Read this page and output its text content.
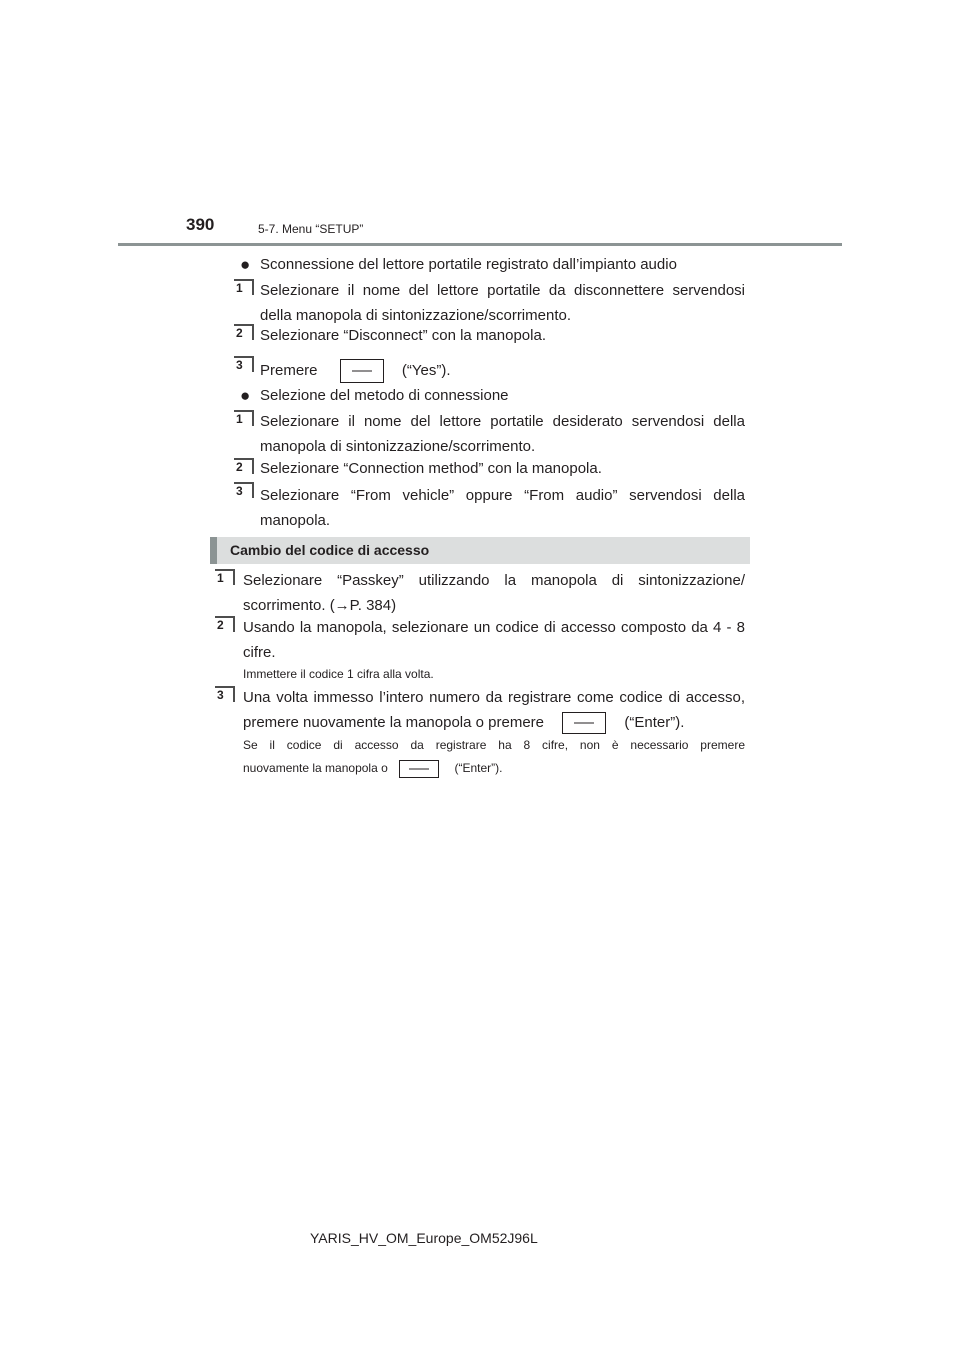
390	5-7. Menu “SETUP”
● Sconnessione del lettore portatile registrato dall’impianto audio
1	Selezionare il nome del lettore portatile da disconnettere servendosi della manopola di sintonizzazione/scorrimento.
2	Selezionare “Disconnect” con la manopola.
3	Premere	(“Yes”).
● Selezione del metodo di connessione
1	Selezionare il nome del lettore portatile desiderato servendosi della manopola di sintonizzazione/scorrimento.
2	Selezionare “Connection method” con la manopola.
3	Selezionare “From vehicle” oppure “From audio” servendosi della manopola.
Cambio del codice di accesso
1	Selezionare “Passkey” utilizzando la manopola di sintonizzazione/ scorrimento. (→P. 384)
2	Usando la manopola, selezionare un codice di accesso composto da 4 - 8 cifre.
Immettere il codice 1 cifra alla volta.
3	Una volta immesso l’intero numero da registrare come codice di accesso,
premere nuovamente la manopola o premere	(“Enter”).
Se il codice di accesso da registrare ha 8 cifre, non è necessario premere
nuovamente la manopola o	(“Enter”).
YARIS_HV_OM_Europe_OM52J96L
